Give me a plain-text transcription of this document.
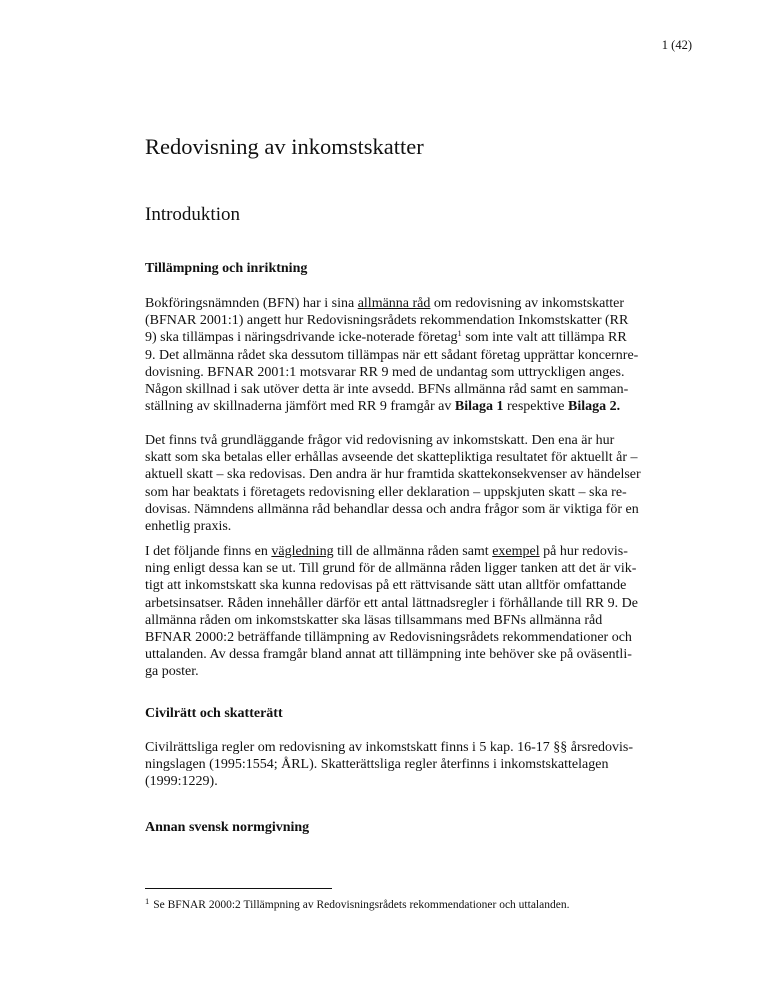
1 (42)
Redovisning av inkomstskatter
Introduktion
Tillämpning och inriktning

Bokföringsnämnden (BFN) har i sina allmänna råd om redovisning av inkomstskatter
(BFNAR 2001:1) angett hur Redovisningsrådets rekommendation Inkomstskatter (RR
9) ska tillämpas i näringsdrivande icke-noterade företag$^1$ som inte valt att tillämpa RR
9. Det allmänna rådet ska dessutom tillämpas när ett sådant företag upprättar koncernre-
dovisning. BFNAR 2001:1 motsvarar RR 9 med de undantag som uttryckligen anges.
Någon skillnad i sak utöver detta är inte avsedd. BFNs allmänna råd samt en samman-
ställning av skillnaderna jämfört med RR 9 framgår av Bilaga 1 respektive Bilaga 2.

Det finns två grundläggande frågor vid redovisning av inkomstskatt. Den ena är hur
skatt som ska betalas eller erhållas avseende det skattepliktiga resultatet för aktuellt år –
aktuell skatt – ska redovisas. Den andra är hur framtida skattekonsekvenser av händelser
som har beaktats i företagets redovisning eller deklaration – uppskjuten skatt – ska re-
dovisas. Nämndens allmänna råd behandlar dessa och andra frågor som är viktiga för en
enhetlig praxis.

I det följande finns en vägledning till de allmänna råden samt exempel på hur redovis-
ning enligt dessa kan se ut. Till grund för de allmänna råden ligger tanken att det är vik-
tigt att inkomstskatt ska kunna redovisas på ett rättvisande sätt utan alltför omfattande
arbetsinsatser. Råden innehåller därför ett antal lättnadsregler i förhållande till RR 9. De
allmänna råden om inkomstskatter ska läsas tillsammans med BFNs allmänna råd
BFNAR 2000:2 beträffande tillämpning av Redovisningsrådets rekommendationer och
uttalanden. Av dessa framgår bland annat att tillämpning inte behöver ske på oväsentli-
ga poster.

Civilrätt och skatterätt

Civilrättsliga regler om redovisning av inkomstskatt finns i 5 kap. 16-17 §§ årsredovis-
ningslagen (1995:1554; ÅRL). Skatterättsliga regler återfinns i inkomstskattelagen
(1999:1229).

Annan svensk normgivning
$^1$ Se BFNAR 2000:2 Tillämpning av Redovisningsrådets rekommendationer och uttalanden.
